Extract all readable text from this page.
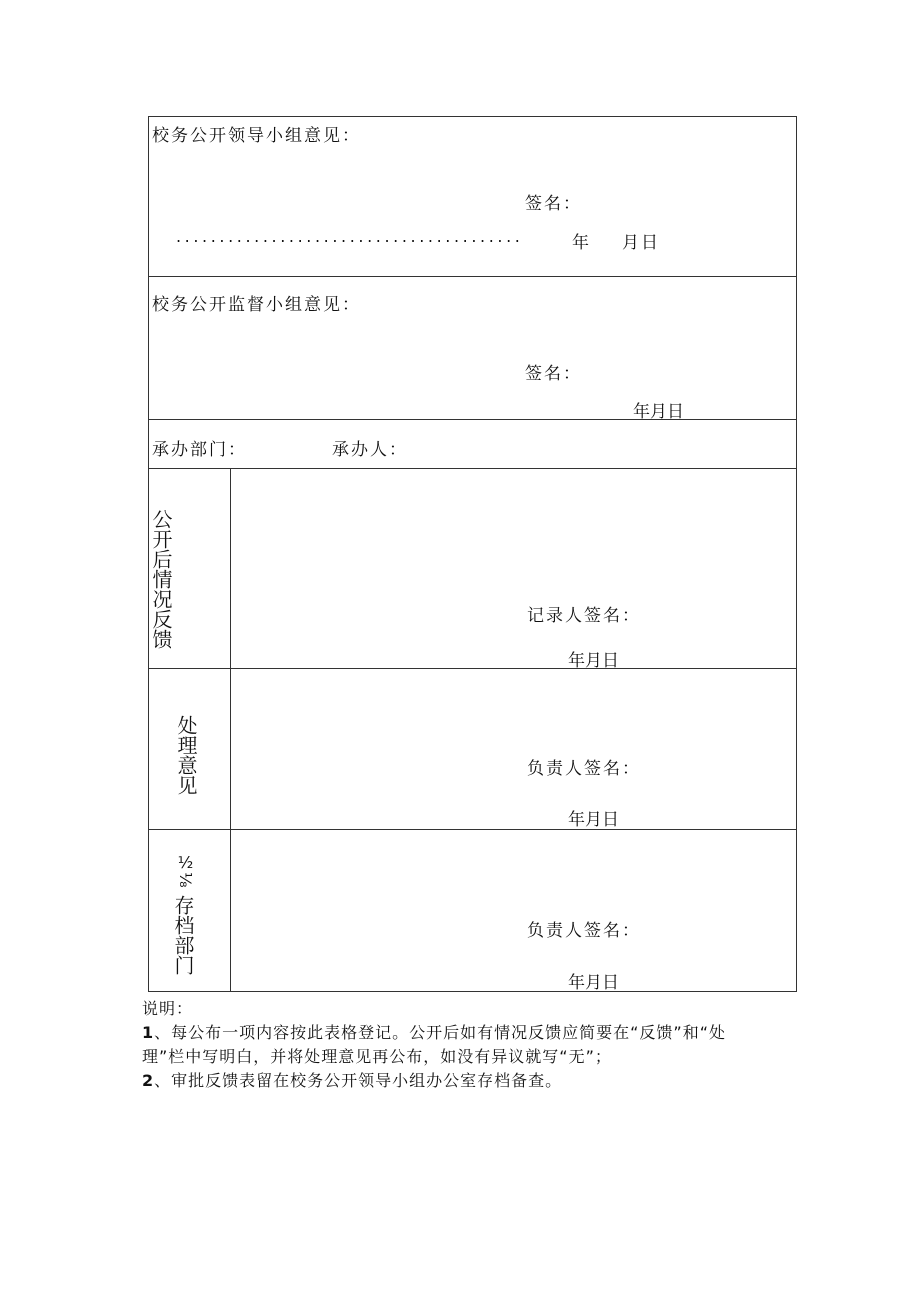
校务公开领导小组意见：
签名：
........................................	年 月日
校务公开监督小组意见：
签名：
年月日
承办部门：	承办人：
公开后情况反馈	记录人签名：
年月日
处理意见	负责人签名：
年月日
½¹⁄₈
存档部门	负责人签名：
年月日
说明：
1、每公布一项内容按此表格登记。公开后如有情况反馈应简要在“反馈”和“处
理”栏中写明白，并将处理意见再公布，如没有异议就写“无”；
2、审批反馈表留在校务公开领导小组办公室存档备查。
